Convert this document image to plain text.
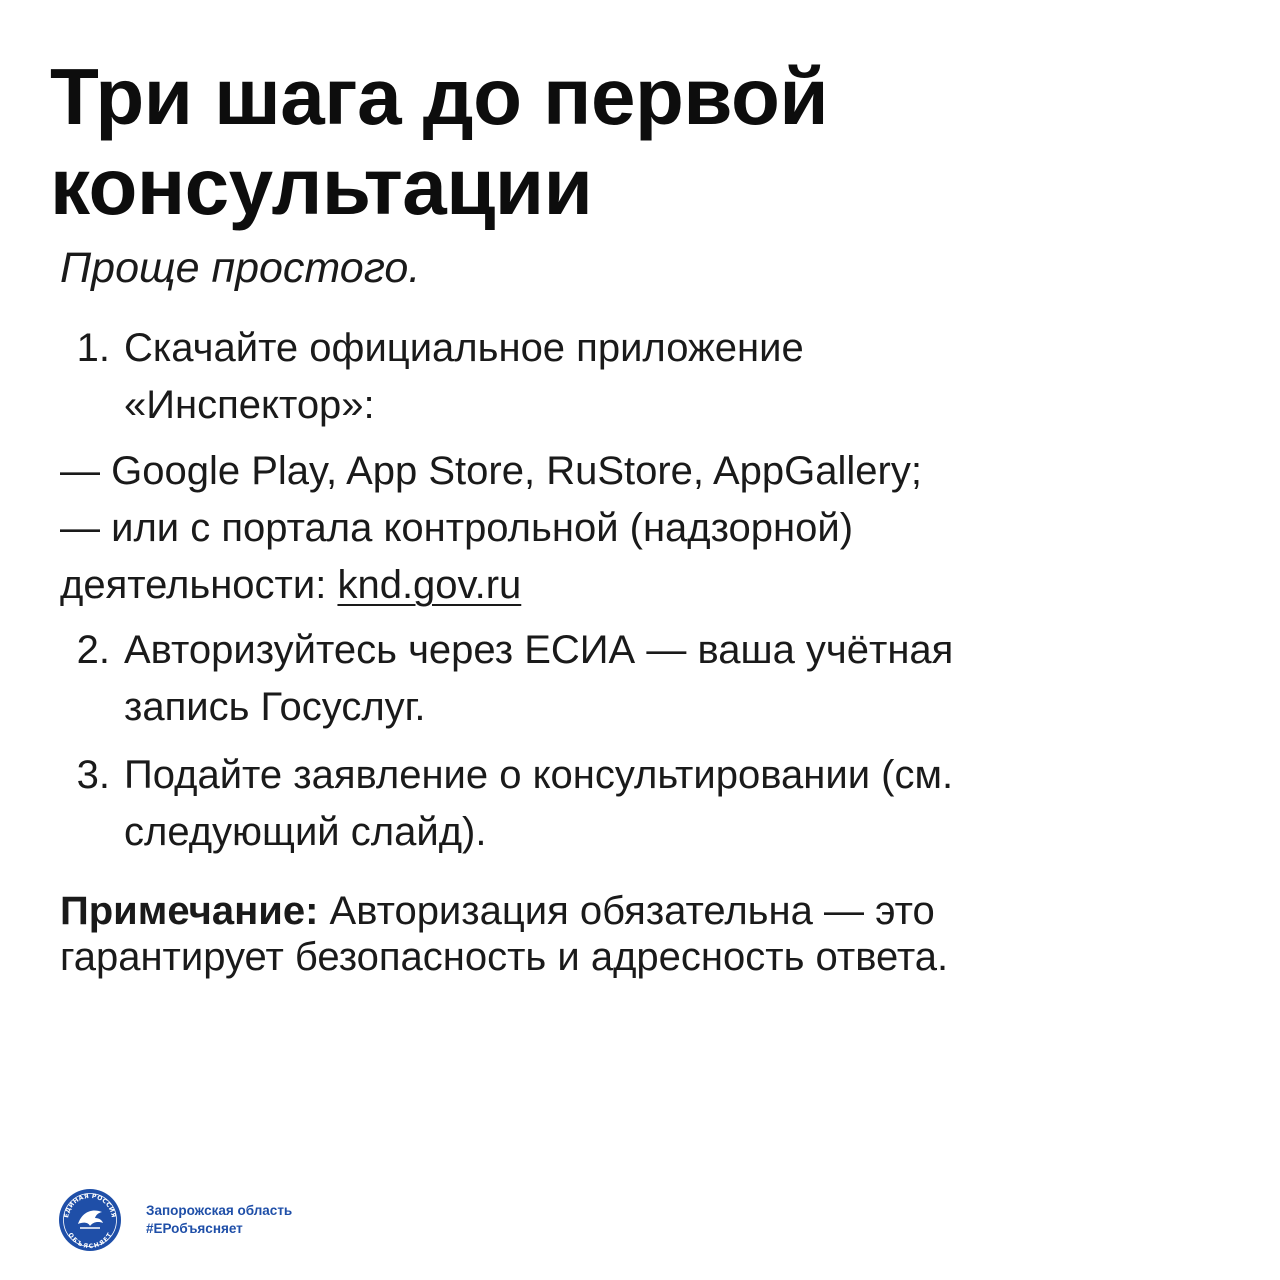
Три шага до первой
консультации
Проще простого.
1. Скачайте официальное приложение
«Инспектор»:
— Google Play, App Store, RuStore, AppGallery;
— или с портала контрольной (надзорной)
деятельности: knd.gov.ru
2. Авторизуйтесь через ЕСИА — ваша учётная
запись Госуслуг.
3. Подайте заявление о консультировании (см.
следующий слайд).
Примечание: Авторизация обязательна — это
гарантирует безопасность и адресность ответа.
ЕДИНАЯ РОССИЯ
ОБЪЯСНЯЕТ
Запорожская область
#ЕРобъясняет
